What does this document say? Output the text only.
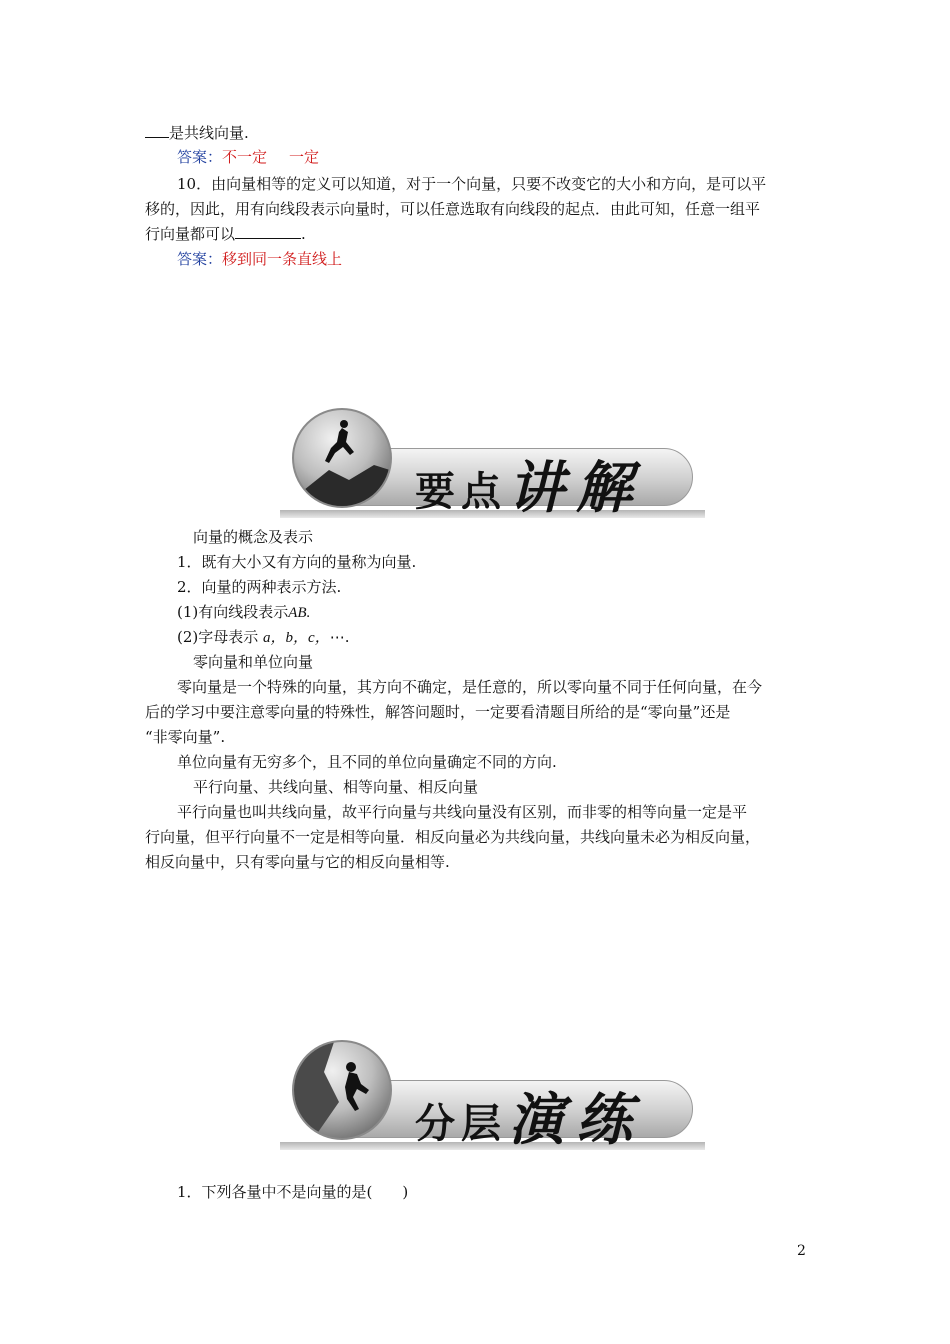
是共线向量.
答案：不一定 一定
10．由向量相等的定义可以知道，对于一个向量，只要不改变它的大小和方向，是可以平
移的，因此，用有向线段表示向量时，可以任意选取有向线段的起点．由此可知，任意一组平
行向量都可以	.
答案：移到同一条直线上
要点 讲解
向量的概念及表示
1．既有大小又有方向的量称为向量.
2．向量的两种表示方法.
(1)有向线段表示AB.
(2)字母表示 a，b，c，⋯.
零向量和单位向量
零向量是一个特殊的向量，其方向不确定，是任意的，所以零向量不同于任何向量，在今
后的学习中要注意零向量的特殊性，解答问题时，一定要看清题目所给的是“零向量”还是
“非零向量”.
单位向量有无穷多个，且不同的单位向量确定不同的方向.
平行向量、共线向量、相等向量、相反向量
平行向量也叫共线向量，故平行向量与共线向量没有区别，而非零的相等向量一定是平
行向量，但平行向量不一定是相等向量．相反向量必为共线向量，共线向量未必为相反向量，
相反向量中，只有零向量与它的相反向量相等.
分层 演练
1．下列各量中不是向量的是(　　)
2
